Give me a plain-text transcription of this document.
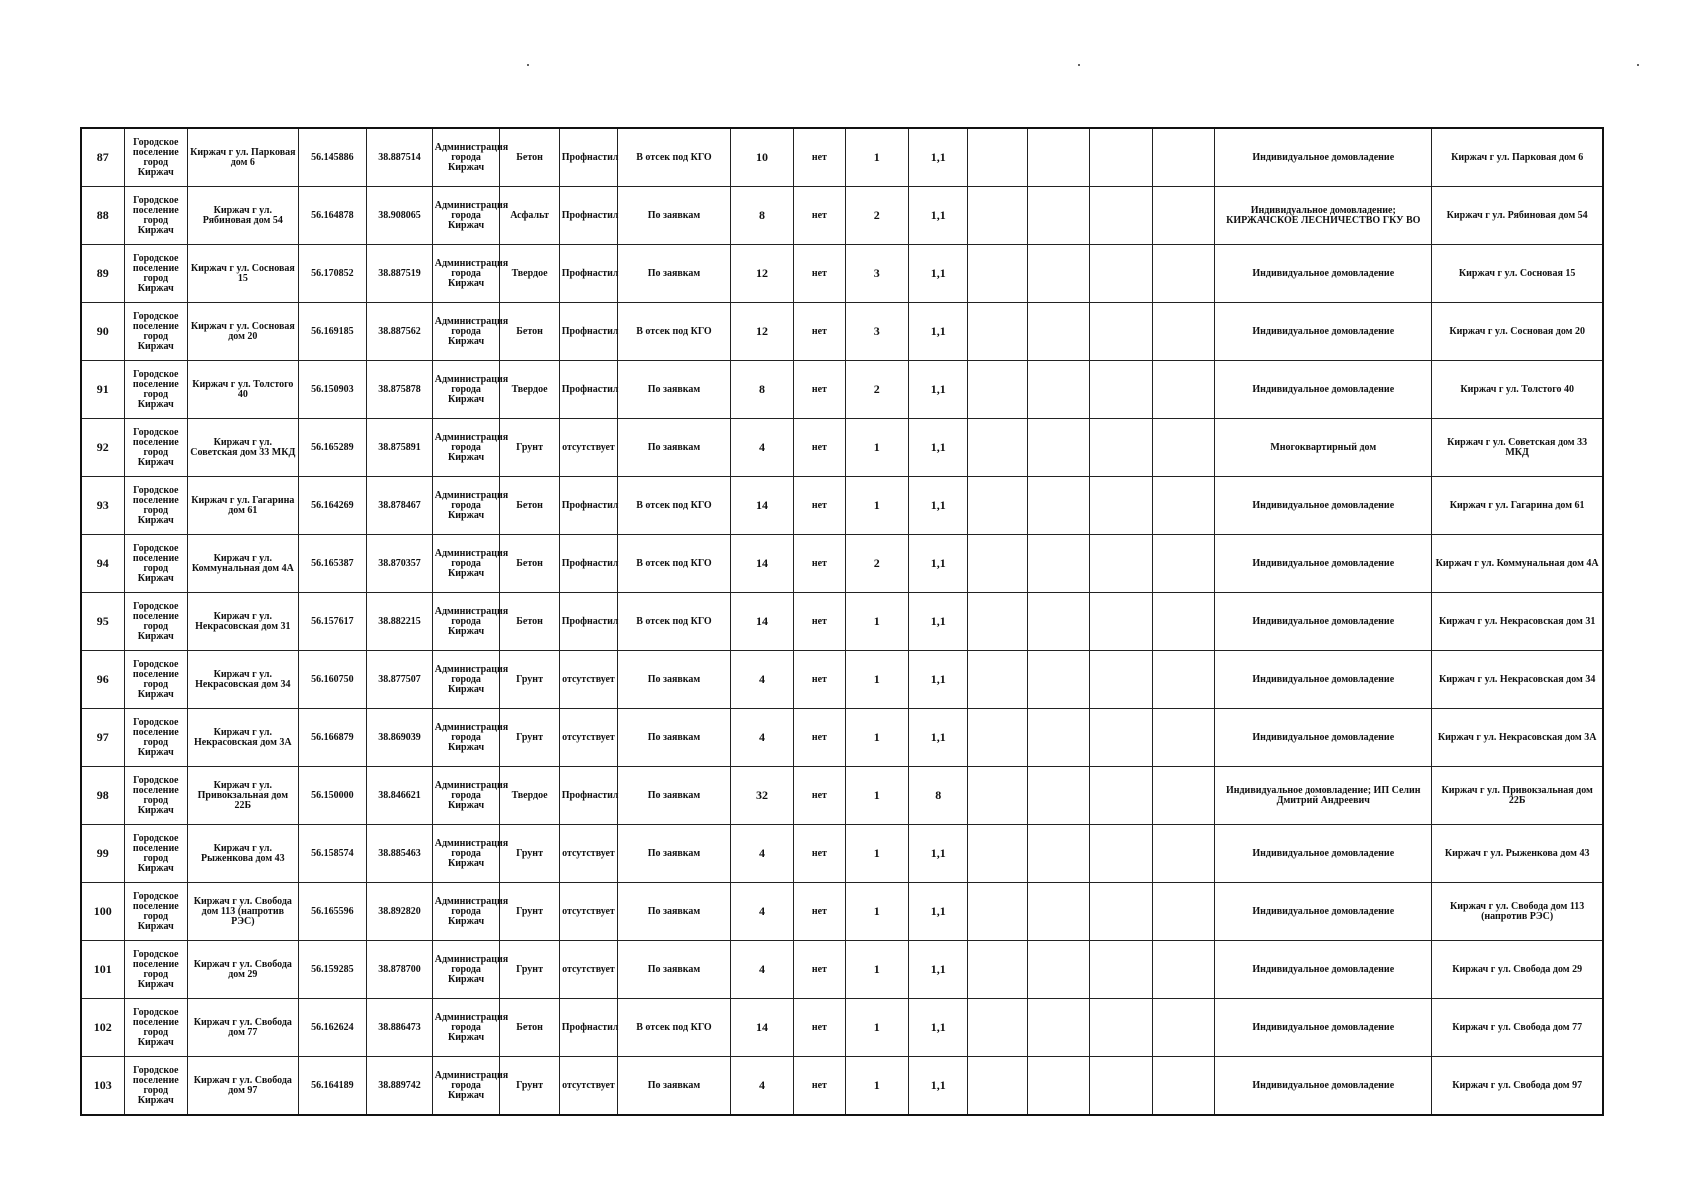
87	Городское поселение город Киржач	Киржач г ул. Парковая дом 6	56.145886	38.887514	Администрация города Киржач	Бетон	Профнастил	В отсек под КГО	10	нет	1	1,1					Индивидуальное домовладение	Киржач г ул. Парковая дом 6
88	Городское поселение город Киржач	Киржач г ул. Рябиновая дом 54	56.164878	38.908065	Администрация города Киржач	Асфальт	Профнастил	По заявкам	8	нет	2	1,1					Индивидуальное домовладение; КИРЖАЧСКОЕ ЛЕСНИЧЕСТВО ГКУ ВО	Киржач г ул. Рябиновая дом 54
89	Городское поселение город Киржач	Киржач г ул. Сосновая 15	56.170852	38.887519	Администрация города Киржач	Твердое	Профнастил	По заявкам	12	нет	3	1,1					Индивидуальное домовладение	Киржач г ул. Сосновая 15
90	Городское поселение город Киржач	Киржач г ул. Сосновая дом 20	56.169185	38.887562	Администрация города Киржач	Бетон	Профнастил	В отсек под КГО	12	нет	3	1,1					Индивидуальное домовладение	Киржач г ул. Сосновая дом 20
91	Городское поселение город Киржач	Киржач г ул. Толстого 40	56.150903	38.875878	Администрация города Киржач	Твердое	Профнастил	По заявкам	8	нет	2	1,1					Индивидуальное домовладение	Киржач г ул. Толстого 40
92	Городское поселение город Киржач	Киржач г ул. Советская дом 33 МКД	56.165289	38.875891	Администрация города Киржач	Грунт	отсутствует	По заявкам	4	нет	1	1,1					Многоквартирный дом	Киржач г ул. Советская дом 33 МКД
93	Городское поселение город Киржач	Киржач г ул. Гагарина дом 61	56.164269	38.878467	Администрация города Киржач	Бетон	Профнастил	В отсек под КГО	14	нет	1	1,1					Индивидуальное домовладение	Киржач г ул. Гагарина дом 61
94	Городское поселение город Киржач	Киржач г ул. Коммунальная дом 4А	56.165387	38.870357	Администрация города Киржач	Бетон	Профнастил	В отсек под КГО	14	нет	2	1,1					Индивидуальное домовладение	Киржач г ул. Коммунальная дом 4А
95	Городское поселение город Киржач	Киржач г ул. Некрасовская дом 31	56.157617	38.882215	Администрация города Киржач	Бетон	Профнастил	В отсек под КГО	14	нет	1	1,1					Индивидуальное домовладение	Киржач г ул. Некрасовская дом 31
96	Городское поселение город Киржач	Киржач г ул. Некрасовская дом 34	56.160750	38.877507	Администрация города Киржач	Грунт	отсутствует	По заявкам	4	нет	1	1,1					Индивидуальное домовладение	Киржач г ул. Некрасовская дом 34
97	Городское поселение город Киржач	Киржач г ул. Некрасовская дом 3А	56.166879	38.869039	Администрация города Киржач	Грунт	отсутствует	По заявкам	4	нет	1	1,1					Индивидуальное домовладение	Киржач г ул. Некрасовская дом 3А
98	Городское поселение город Киржач	Киржач г ул. Привокзальная дом 22Б	56.150000	38.846621	Администрация города Киржач	Твердое	Профнастил	По заявкам	32	нет	1	8					Индивидуальное домовладение; ИП Селин Дмитрий Андреевич	Киржач г ул. Привокзальная дом 22Б
99	Городское поселение город Киржач	Киржач г ул. Рыженкова дом 43	56.158574	38.885463	Администрация города Киржач	Грунт	отсутствует	По заявкам	4	нет	1	1,1					Индивидуальное домовладение	Киржач г ул. Рыженкова дом 43
100	Городское поселение город Киржач	Киржач г ул. Свобода дом 113 (напротив РЭС)	56.165596	38.892820	Администрация города Киржач	Грунт	отсутствует	По заявкам	4	нет	1	1,1					Индивидуальное домовладение	Киржач г ул. Свобода дом 113 (напротив РЭС)
101	Городское поселение город Киржач	Киржач г ул. Свобода дом 29	56.159285	38.878700	Администрация города Киржач	Грунт	отсутствует	По заявкам	4	нет	1	1,1					Индивидуальное домовладение	Киржач г ул. Свобода дом 29
102	Городское поселение город Киржач	Киржач г ул. Свобода дом 77	56.162624	38.886473	Администрация города Киржач	Бетон	Профнастил	В отсек под КГО	14	нет	1	1,1					Индивидуальное домовладение	Киржач г ул. Свобода дом 77
103	Городское поселение город Киржач	Киржач г ул. Свобода дом 97	56.164189	38.889742	Администрация города Киржач	Грунт	отсутствует	По заявкам	4	нет	1	1,1					Индивидуальное домовладение	Киржач г ул. Свобода дом 97
